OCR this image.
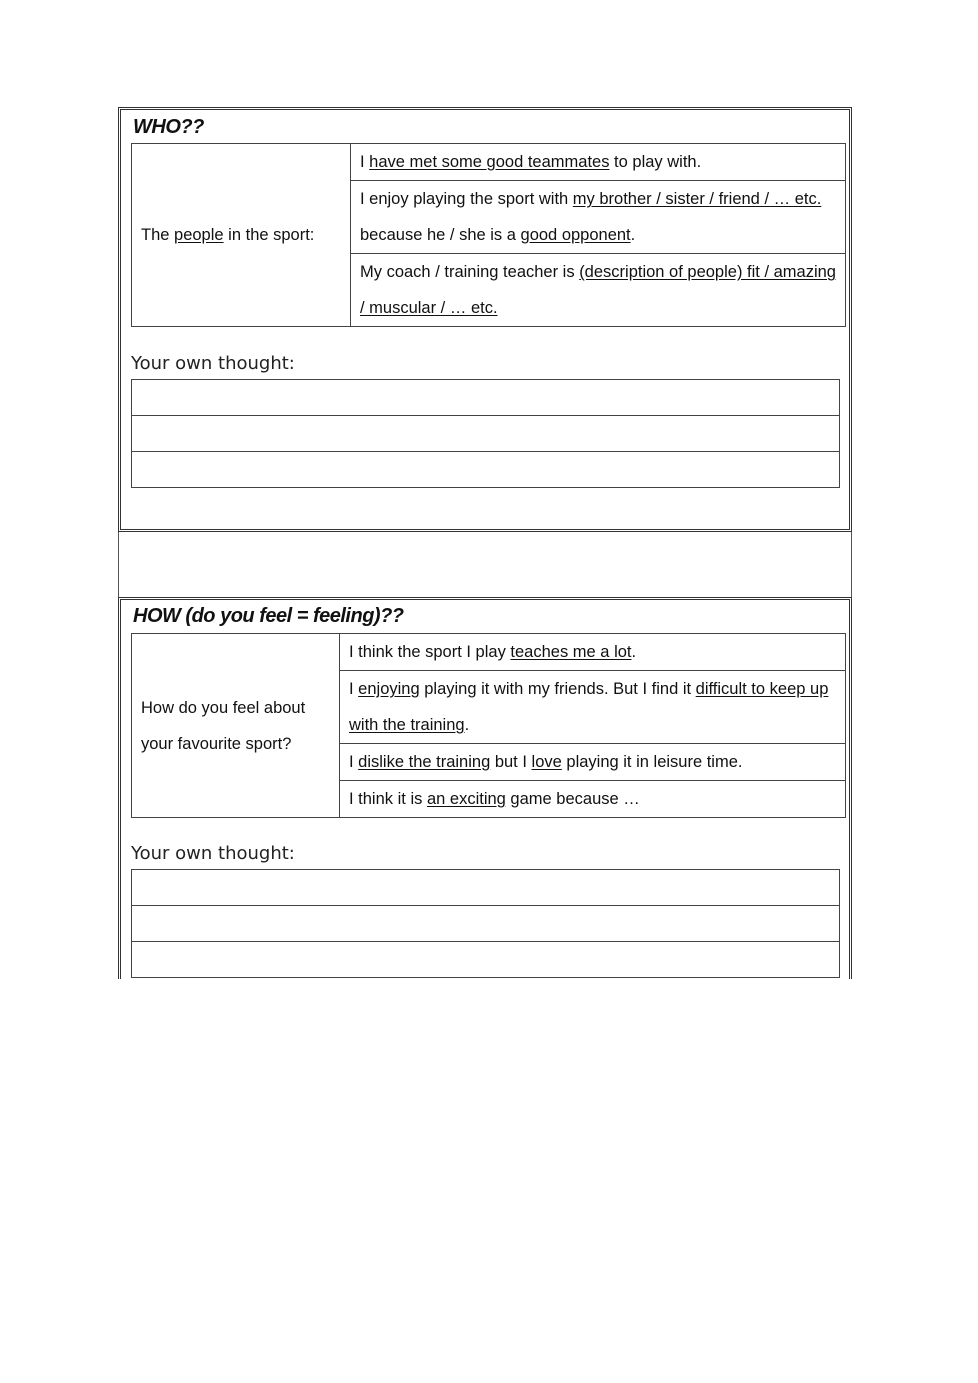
WHO??
The people in the sport:	I have met some good teammates to play with.
I enjoy playing the sport with my brother / sister / friend / … etc. because he / she is a good opponent.
My coach / training teacher is (description of people) fit / amazing / muscular / … etc.
Your own thought:
HOW (do you feel = feeling)??
How do you feel about your favourite sport?	I think the sport I play teaches me a lot.
I enjoying playing it with my friends. But I find it difficult to keep up with the training.
I dislike the training but I love playing it in leisure time.
I think it is an exciting game because …
Your own thought:
